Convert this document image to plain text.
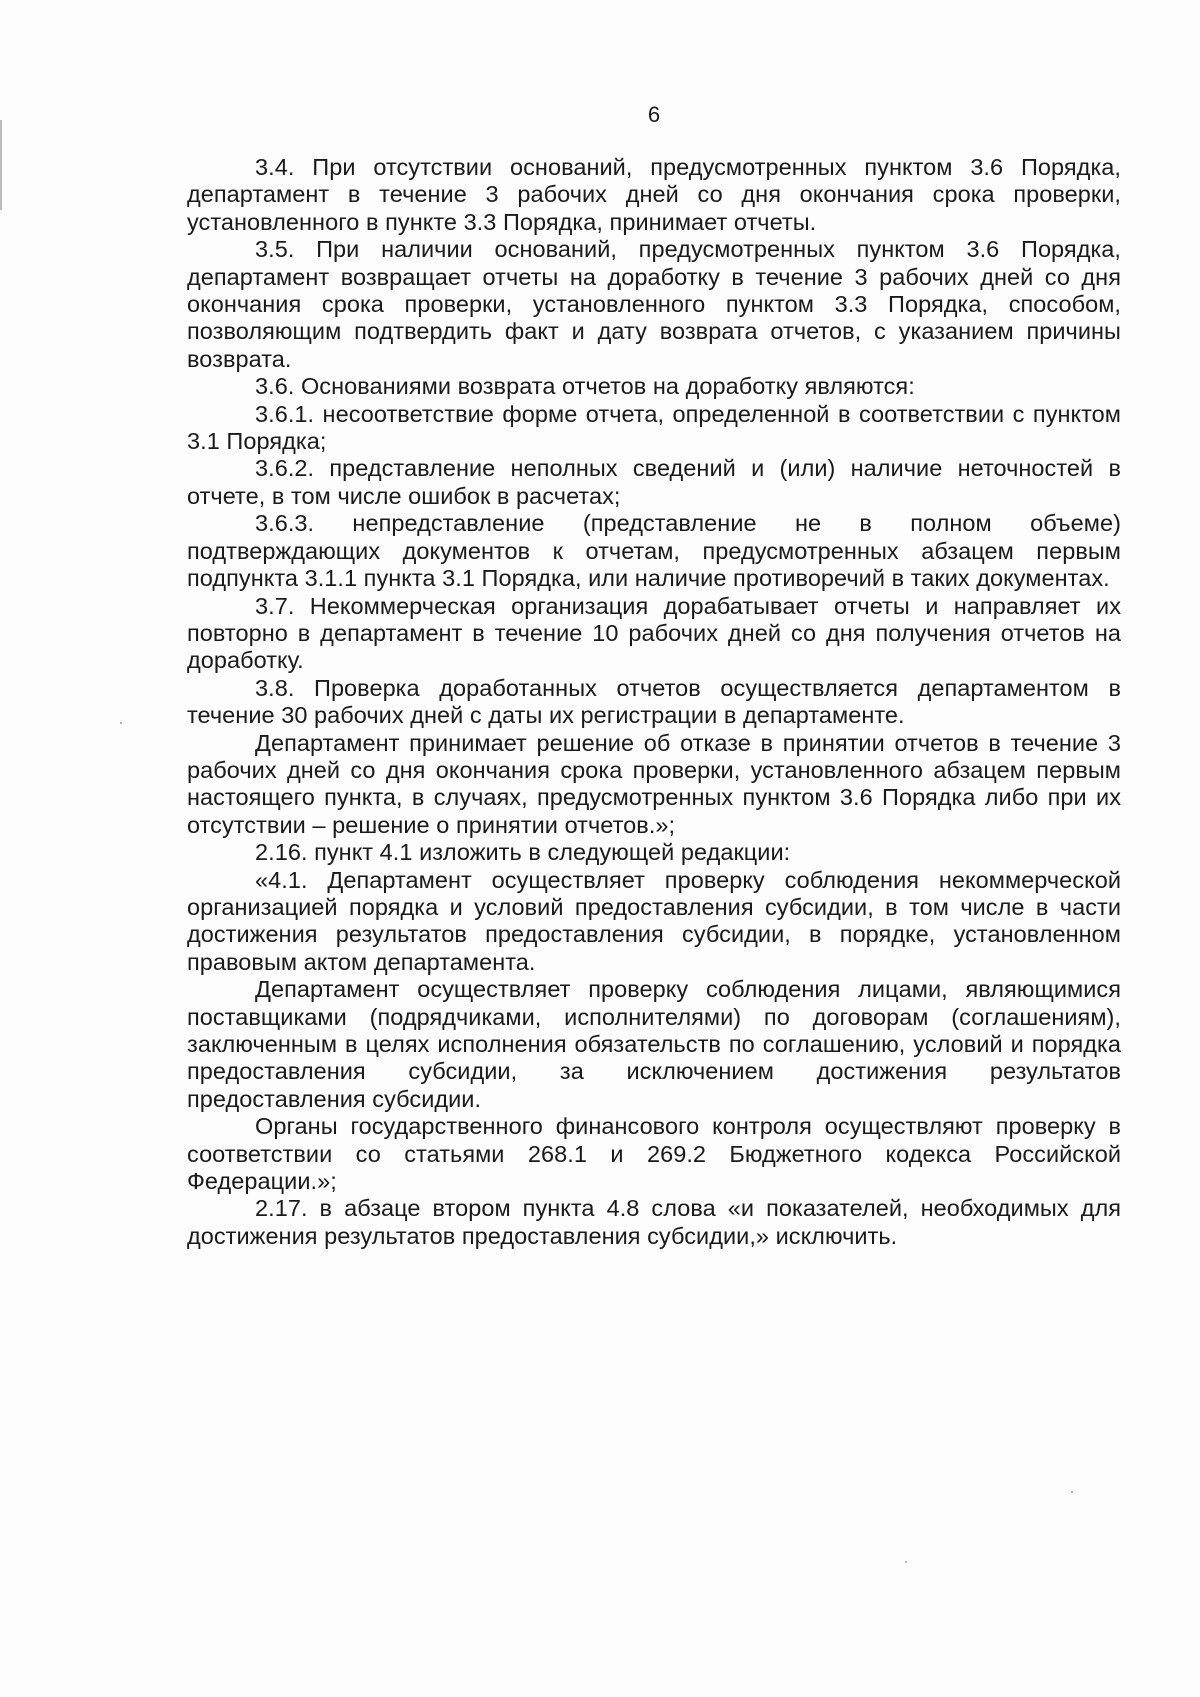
6

3.4. При отсутствии оснований, предусмотренных пунктом 3.6 Порядка, департамент в течение 3 рабочих дней со дня окончания срока проверки, установленного в пункте 3.3 Порядка, принимает отчеты.

3.5. При наличии оснований, предусмотренных пунктом 3.6 Порядка, департамент возвращает отчеты на доработку в течение 3 рабочих дней со дня окончания срока проверки, установленного пунктом 3.3 Порядка, способом, позволяющим подтвердить факт и дату возврата отчетов, с указанием причины возврата.

3.6. Основаниями возврата отчетов на доработку являются:

3.6.1. несоответствие форме отчета, определенной в соответствии с пунктом 3.1 Порядка;

3.6.2. представление неполных сведений и (или) наличие неточностей в отчете, в том числе ошибок в расчетах;

3.6.3. непредставление (представление не в полном объеме) подтверждающих документов к отчетам, предусмотренных абзацем первым подпункта 3.1.1 пункта 3.1 Порядка, или наличие противоречий в таких документах.

3.7. Некоммерческая организация дорабатывает отчеты и направляет их повторно в департамент в течение 10 рабочих дней со дня получения отчетов на доработку.

3.8. Проверка доработанных отчетов осуществляется департаментом в течение 30 рабочих дней с даты их регистрации в департаменте.

Департамент принимает решение об отказе в принятии отчетов в течение 3 рабочих дней со дня окончания срока проверки, установленного абзацем первым настоящего пункта, в случаях, предусмотренных пунктом 3.6 Порядка либо при их отсутствии – решение о принятии отчетов.»;

2.16. пункт 4.1 изложить в следующей редакции:

«4.1. Департамент осуществляет проверку соблюдения некоммерческой организацией порядка и условий предоставления субсидии, в том числе в части достижения результатов предоставления субсидии, в порядке, установленном правовым актом департамента.

Департамент осуществляет проверку соблюдения лицами, являющимися поставщиками (подрядчиками, исполнителями) по договорам (соглашениям), заключенным в целях исполнения обязательств по соглашению, условий и порядка предоставления субсидии, за исключением достижения результатов предоставления субсидии.

Органы государственного финансового контроля осуществляют проверку в соответствии со статьями 268.1 и 269.2 Бюджетного кодекса Российской Федерации.»;

2.17. в абзаце втором пункта 4.8 слова «и показателей, необходимых для достижения результатов предоставления субсидии,» исключить.
